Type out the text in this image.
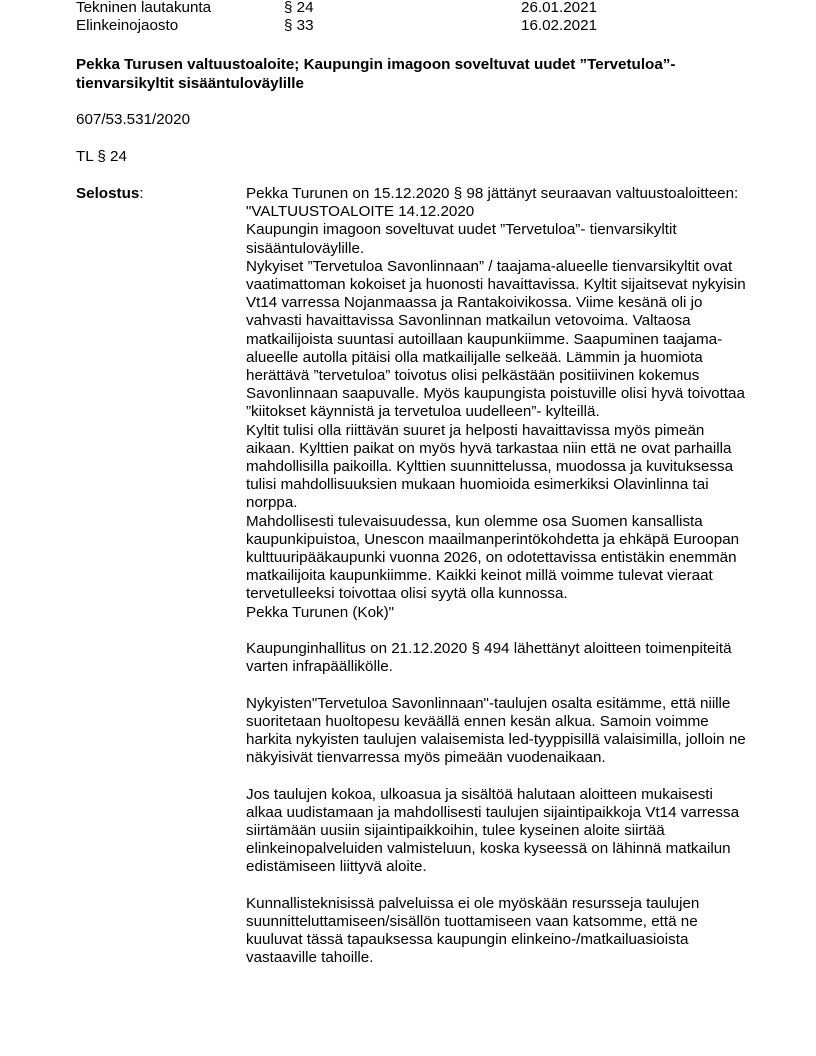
Tekninen lautakunta	§ 24	26.01.2021
Elinkeinojaosto	§ 33	16.02.2021
Pekka Turusen valtuustoaloite; Kaupungin imagoon soveltuvat uudet ”Tervetuloa”-tienvarsikyltit sisääntuloväylille
607/53.531/2020
TL § 24
Selostus:	Pekka Turunen on 15.12.2020 § 98 jättänyt seuraavan valtuustoaloitteen:

"VALTUUSTOALOITE 14.12.2020

Kaupungin imagoon soveltuvat uudet ”Tervetuloa”- tienvarsikyltit sisääntuloväylille.

Nykyiset ”Tervetuloa Savonlinnaan” / taajama-alueelle tienvarsikyltit ovat vaatimattoman kokoiset ja huonosti havaittavissa. Kyltit sijaitsevat nykyisin Vt14 varressa Nojanmaassa ja Rantakoivikossa. Viime kesänä oli jo vahvasti havaittavissa Savonlinnan matkailun vetovoima. Valtaosa matkailijoista suuntasi autoillaan kaupunkiimme. Saapuminen taajama-alueelle autolla pitäisi olla matkailijalle selkeää. Lämmin ja huomiota herättävä ”tervetuloa” toivotus olisi pelkästään positiivinen kokemus Savonlinnaan saapuvalle. Myös kaupungista poistuville olisi hyvä toivottaa ”kiitokset käynnistä ja tervetuloa uudelleen”- kylteillä.

Kyltit tulisi olla riittävän suuret ja helposti havaittavissa myös pimeän aikaan. Kylttien paikat on myös hyvä tarkastaa niin että ne ovat parhailla mahdollisilla paikoilla. Kylttien suunnittelussa, muodossa ja kuvituksessa tulisi mahdollisuuksien mukaan huomioida esimerkiksi Olavinlinna tai norppa.

Mahdollisesti tulevaisuudessa, kun olemme osa Suomen kansallista kaupunkipuistoa, Unescon maailmanperintökohdetta ja ehkäpä Euroopan kulttuuripääkaupunki vuonna 2026, on odotettavissa entistäkin enemmän matkailijoita kaupunkiimme. Kaikki keinot millä voimme tulevat vieraat tervetulleeksi toivottaa olisi syytä olla kunnossa.

Pekka Turunen (Kok)"

Kaupunginhallitus on 21.12.2020 § 494 lähettänyt aloitteen toimenpiteitä varten infrapäällikölle.

Nykyisten"Tervetuloa Savonlinnaan"-taulujen osalta esitämme, että niille suoritetaan huoltopesu keväällä ennen kesän alkua. Samoin voimme harkita nykyisten taulujen valaisemista led-tyyppisillä valaisimilla, jolloin ne näkyisivät tienvarressa myös pimeään vuodenaikaan.

Jos taulujen kokoa, ulkoasua ja sisältöä halutaan aloitteen mukaisesti alkaa uudistamaan ja mahdollisesti taulujen sijaintipaikkoja Vt14 varressa siirtämään uusiin sijaintipaikkoihin, tulee kyseinen aloite siirtää elinkeinopalveluiden valmisteluun, koska kyseessä on lähinnä matkailun edistämiseen liittyvä aloite.

Kunnallisteknisissä palveluissa ei ole myöskään resursseja taulujen suunnitteluttamiseen/sisällön tuottamiseen vaan katsomme, että ne kuuluvat tässä tapauksessa kaupungin elinkeino-/matkailuasioista vastaaville tahoille.
